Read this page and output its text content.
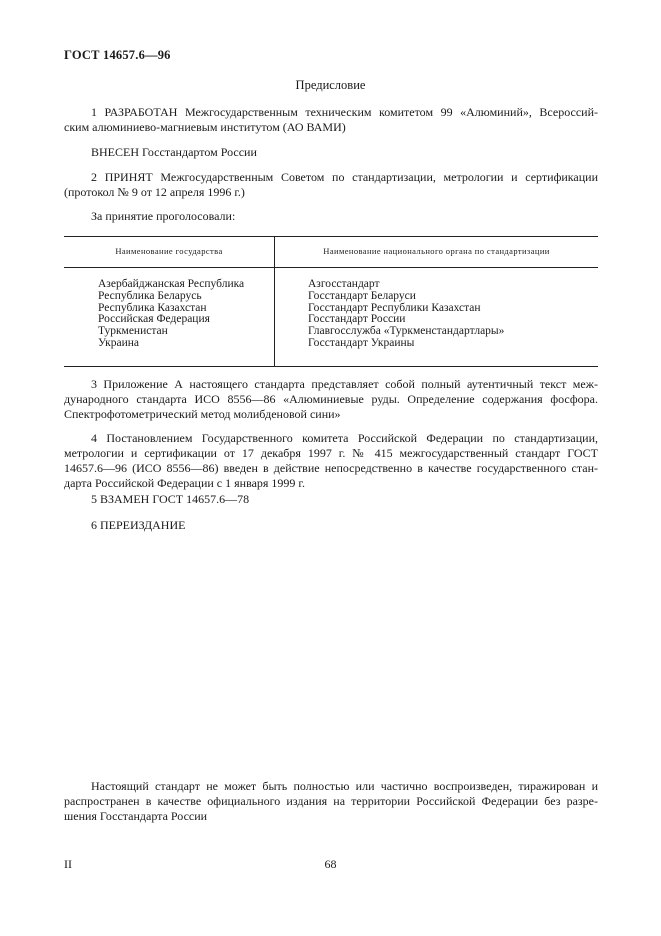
ГОСТ 14657.6—96
Предисловие
1 РАЗРАБОТАН Межгосударственным техническим комитетом 99 «Алюминий», Всероссий-
ским алюминиево-магниевым институтом (АО ВАМИ)
ВНЕСЕН Госстандартом России
2 ПРИНЯТ Межгосударственным Советом по стандартизации, метрологии и сертификации
(протокол № 9 от 12 апреля 1996 г.)
За принятие проголосовали:
Наименование государства	Наименование национального органа по стандартизации
Азербайджанская Республика
Республика Беларусь
Республика Казахстан
Российская Федерация
Туркменистан
Украина
Азгосстандарт
Госстандарт Беларуси
Госстандарт Республики Казахстан
Госстандарт России
Главгосслужба «Туркменстандартлары»
Госстандарт Украины
3 Приложение А настоящего стандарта представляет собой полный аутентичный текст меж-
дународного стандарта ИСО 8556—86 «Алюминиевые руды. Определение содержания фосфора.
Спектрофотометрический метод молибденовой сини»
4 Постановлением Государственного комитета Российской Федерации по стандартизации,
метрологии и сертификации от 17 декабря 1997 г. № 415 межгосударственный стандарт ГОСТ
14657.6—96 (ИСО 8556—86) введен в действие непосредственно в качестве государственного стан-
дарта Российской Федерации с 1 января 1999 г.
5 ВЗАМЕН ГОСТ 14657.6—78
6 ПЕРЕИЗДАНИЕ
Настоящий стандарт не может быть полностью или частично воспроизведен, тиражирован и
распространен в качестве официального издания на территории Российской Федерации без разре-
шения Госстандарта России
II	68
